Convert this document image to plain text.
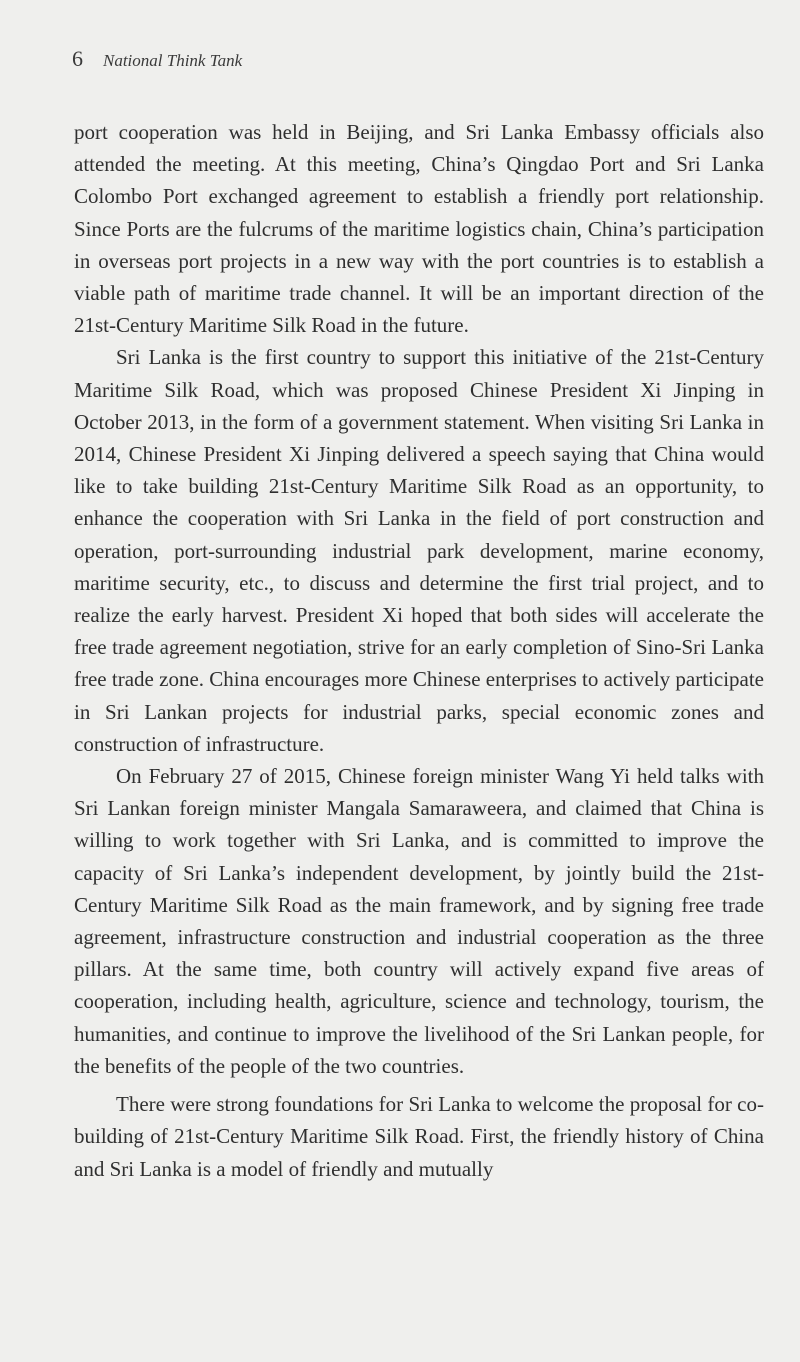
6 National Think Tank

port cooperation was held in Beijing, and Sri Lanka Embassy officials also attended the meeting. At this meeting, China’s Qingdao Port and Sri Lanka Colombo Port exchanged agreement to establish a friendly port relationship. Since Ports are the fulcrums of the maritime logistics chain, China’s participation in overseas port projects in a new way with the port countries is to establish a viable path of maritime trade channel. It will be an important direction of the 21st-Century Maritime Silk Road in the future.

Sri Lanka is the first country to support this initiative of the 21st-Century Maritime Silk Road, which was proposed Chinese President Xi Jinping in October 2013, in the form of a government statement. When visiting Sri Lanka in 2014, Chinese President Xi Jinping delivered a speech saying that China would like to take building 21st-Century Maritime Silk Road as an opportunity, to enhance the cooperation with Sri Lanka in the field of port construction and operation, port-surrounding industrial park development, marine economy, maritime security, etc., to discuss and determine the first trial project, and to realize the early harvest. President Xi hoped that both sides will accelerate the free trade agreement negotiation, strive for an early completion of Sino-Sri Lanka free trade zone. China encourages more Chinese enterprises to actively participate in Sri Lankan projects for industrial parks, special economic zones and construction of infrastructure.

On February 27 of 2015, Chinese foreign minister Wang Yi held talks with Sri Lankan foreign minister Mangala Samaraweera, and claimed that China is willing to work together with Sri Lanka, and is committed to improve the capacity of Sri Lanka’s independent development, by jointly build the 21st-Century Maritime Silk Road as the main framework, and by signing free trade agreement, infrastructure construction and industrial cooperation as the three pillars. At the same time, both country will actively expand five areas of cooperation, including health, agriculture, science and technology, tourism, the humanities, and continue to improve the livelihood of the Sri Lankan people, for the benefits of the people of the two countries.

There were strong foundations for Sri Lanka to welcome the proposal for co-building of 21st-Century Maritime Silk Road. First, the friendly history of China and Sri Lanka is a model of friendly and mutually
